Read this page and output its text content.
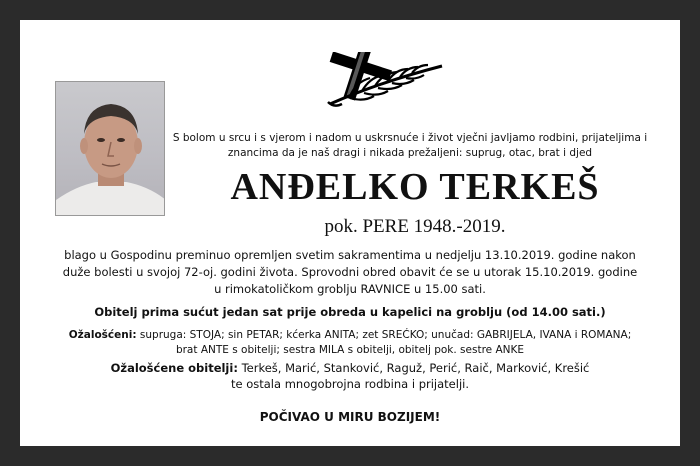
S bolom u srcu i s vjerom i nadom u uskrsnuće i život vječni javljamo rodbini, prijateljima i
znancima da je naš dragi i nikada prežaljeni: suprug, otac, brat i djed
ANĐELKO TERKEŠ
pok. PERE 1948.-2019.
blago u Gospodinu preminuo opremljen svetim sakramentima u nedjelju 13.10.2019. godine nakon
duže bolesti u svojoj 72-oj. godini života. Sprovodni obred obavit će se u utorak 15.10.2019. godine
u rimokatoličkom groblju RAVNICE u 15.00 sati.
Obitelj prima sućut jedan sat prije obreda u kapelici na groblju (od 14.00 sati.)
Ožalošćeni: supruga: STOJA; sin PETAR; kćerka ANITA; zet SREĆKO; unučad: GABRIJELA, IVANA i ROMANA;
brat ANTE s obitelji; sestra MILA s obitelji, obitelj pok. sestre ANKE
Ožalošćene obitelji: Terkeš, Marić, Stanković, Raguž, Perić, Raič, Marković, Krešić
te ostala mnogobrojna rodbina i prijatelji.
POČIVAO U MIRU BOZIJEM!
